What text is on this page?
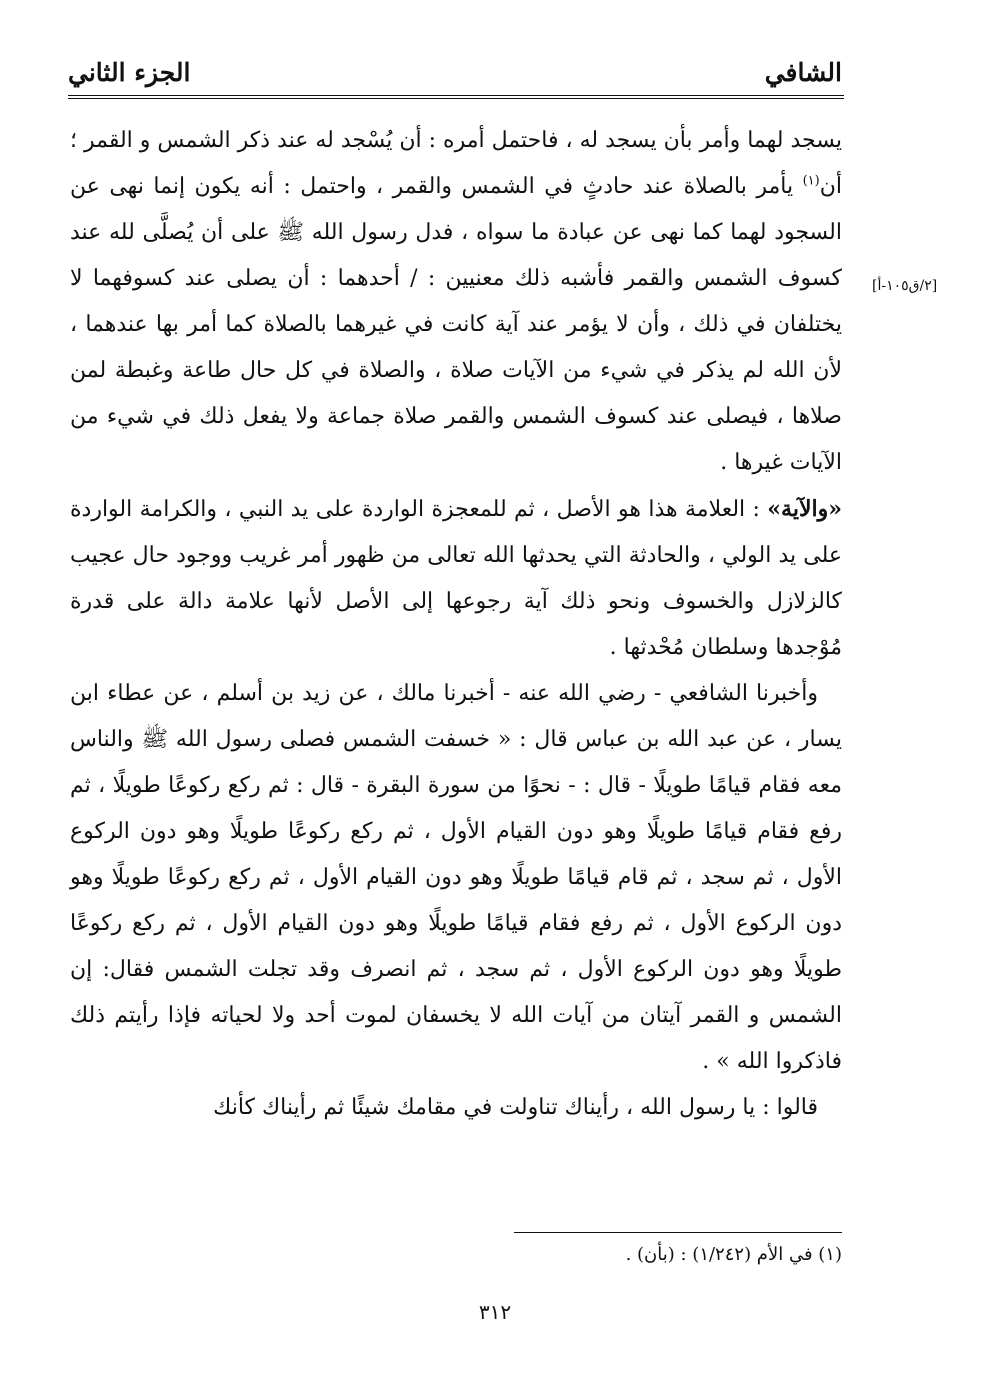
الشافي
الجزء الثاني
[٢/ق١٠٥-أ]

يسجد لهما وأمر بأن يسجد له ، فاحتمل أمره : أن يُسْجد له عند ذكر الشمس و القمر ؛ أن$^{(١)}$ يأمر بالصلاة عند حادثٍ في الشمس والقمر ، واحتمل : أنه يكون إنما نهى عن السجود لهما كما نهى عن عبادة ما سواه ، فدل رسول الله ﷺ على أن يُصلَّى لله عند كسوف الشمس والقمر فأشبه ذلك معنيين : / أحدهما : أن يصلى عند كسوفهما لا يختلفان في ذلك ، وأن لا يؤمر عند آية كانت في غيرهما بالصلاة كما أمر بها عندهما ، لأن الله لم يذكر في شيء من الآيات صلاة ، والصلاة في كل حال طاعة وغبطة لمن صلاها ، فيصلى عند كسوف الشمس والقمر صلاة جماعة ولا يفعل ذلك في شيء من الآيات غيرها .

«والآية» : العلامة هذا هو الأصل ، ثم للمعجزة الواردة على يد النبي ، والكرامة الواردة على يد الولي ، والحادثة التي يحدثها الله تعالى من ظهور أمر غريب ووجود حال عجيب كالزلازل والخسوف ونحو ذلك آية رجوعها إلى الأصل لأنها علامة دالة على قدرة مُوْجدها وسلطان مُحْدثها .

وأخبرنا الشافعي - رضي الله عنه - أخبرنا مالك ، عن زيد بن أسلم ، عن عطاء ابن يسار ، عن عبد الله بن عباس قال : « خسفت الشمس فصلى رسول الله ﷺ والناس معه فقام قيامًا طويلًا - قال : - نحوًا من سورة البقرة - قال : ثم ركع ركوعًا طويلًا ، ثم رفع فقام قيامًا طويلًا وهو دون القيام الأول ، ثم ركع ركوعًا طويلًا وهو دون الركوع الأول ، ثم سجد ، ثم قام قيامًا طويلًا وهو دون القيام الأول ، ثم ركع ركوعًا طويلًا وهو دون الركوع الأول ، ثم رفع فقام قيامًا طويلًا وهو دون القيام الأول ، ثم ركع ركوعًا طويلًا وهو دون الركوع الأول ، ثم سجد ، ثم انصرف وقد تجلت الشمس فقال: إن الشمس و القمر آيتان من آيات الله لا يخسفان لموت أحد ولا لحياته فإذا رأيتم ذلك فاذكروا الله » .

قالوا : يا رسول الله ، رأيناك تناولت في مقامك شيئًا ثم رأيناك كأنك

(١) في الأم (١/٢٤٢) : (بأن) .
٣١٢
